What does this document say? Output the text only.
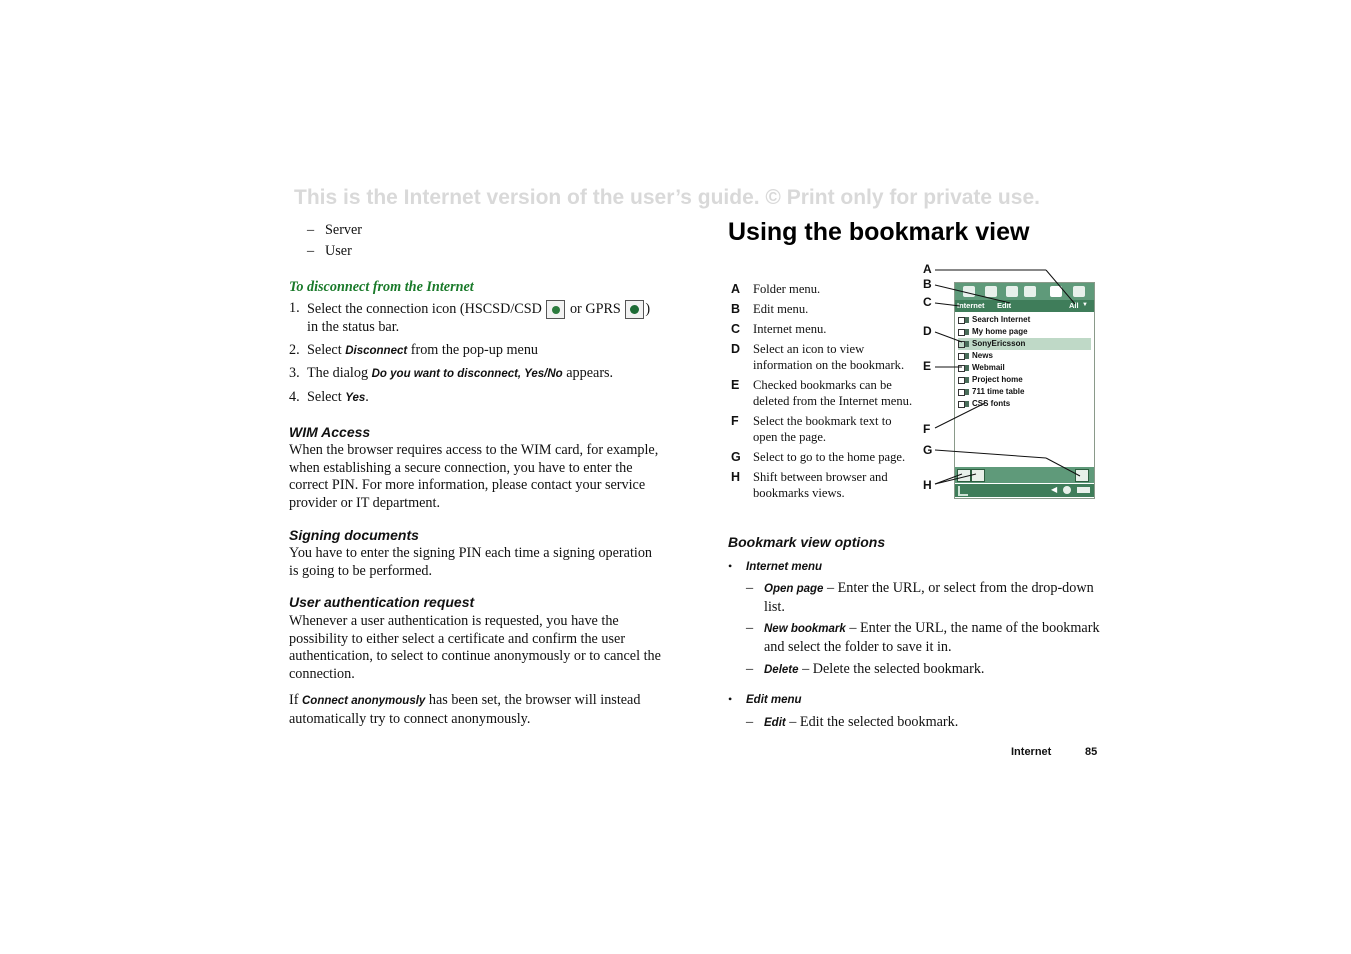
This is the Internet version of the user’s guide. © Print only for private use.
– Server
– User
To disconnect from the Internet
1. Select the connection icon (HSCSD/CSD or GPRS )
in the status bar.
2. Select Disconnect from the pop-up menu
3. The dialog Do you want to disconnect, Yes/No appears.
4. Select Yes.
WIM Access

When the browser requires access to the WIM card, for example, when establishing a secure connection, you have to enter the correct PIN. For more information, please contact your service provider or IT department.

Signing documents

You have to enter the signing PIN each time a signing operation is going to be performed.

User authentication request

Whenever a user authentication is requested, you have the possibility to either select a certificate and confirm the user authentication, to select to continue anonymously or to cancel the connection.

If Connect anonymously has been set, the browser will instead automatically try to connect anonymously.

Using the bookmark view
A Folder menu.
B Edit menu.
C Internet menu.
D Select an icon to view information on the bookmark.
E Checked bookmarks can be deleted from the Internet menu.
F Select the bookmark text to open the page.
G Select to go to the home page.
H Shift between browser and bookmarks views.
Internet Edit	All ▼
Search Internet
My home page
SonyEricsson
News
Webmail
Project home
711 time table
CSS fonts
◀
A
B
C
D
E
F
G
H
Bookmark view options
• Internet menu
– Open page – Enter the URL, or select from the drop-down list.
– New bookmark – Enter the URL, the name of the bookmark and select the folder to save it in.
– Delete – Delete the selected bookmark.
• Edit menu
– Edit – Edit the selected bookmark.
Internet	85
